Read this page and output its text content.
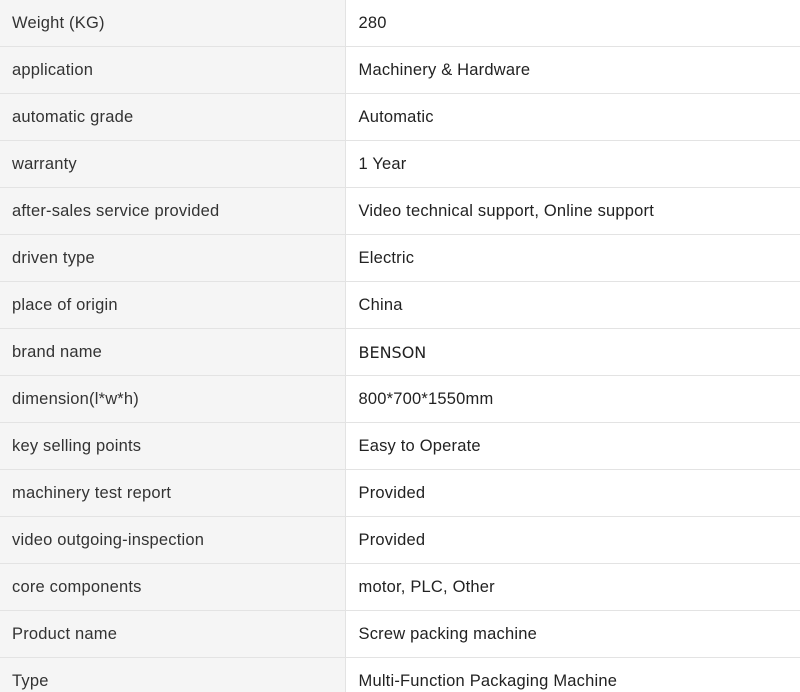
Weight (KG)	280
application	Machinery & Hardware
automatic grade	Automatic
warranty	1 Year
after-sales service provided	Video technical support, Online support
driven type	Electric
place of origin	China
brand name	BENSON
dimension(l*w*h)	800*700*1550mm
key selling points	Easy to Operate
machinery test report	Provided
video outgoing-inspection	Provided
core components	motor, PLC, Other
Product name	Screw packing machine
Type	Multi-Function Packaging Machine
